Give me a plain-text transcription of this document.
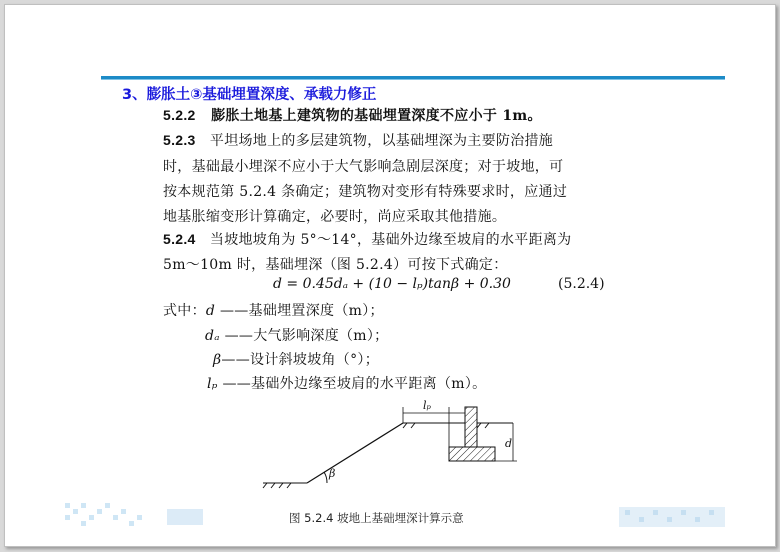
3、膨胀土③基础埋置深度、承载力修正
5.2.2 膨胀土地基上建筑物的基础埋置深度不应小于 1m。
5.2.3 平坦场地上的多层建筑物，以基础埋深为主要防治措施
时，基础最小埋深不应小于大气影响急剧层深度；对于坡地，可
按本规范第 5.2.4 条确定；建筑物对变形有特殊要求时，应通过
地基胀缩变形计算确定，必要时，尚应采取其他措施。
5.2.4 当坡地坡角为 5°～14°，基础外边缘至坡肩的水平距离为
5m～10m 时，基础埋深（图 5.2.4）可按下式确定：
d = 0.45dₐ + (10 − lₚ)tanβ + 0.30	(5.2.4)
式中：d ——基础埋置深度（m）；
dₐ ——大气影响深度（m）；
β——设计斜坡坡角（°）；
lₚ ——基础外边缘至坡肩的水平距离（m）。
β
lₚ
d
图 5.2.4 坡地上基础埋深计算示意
